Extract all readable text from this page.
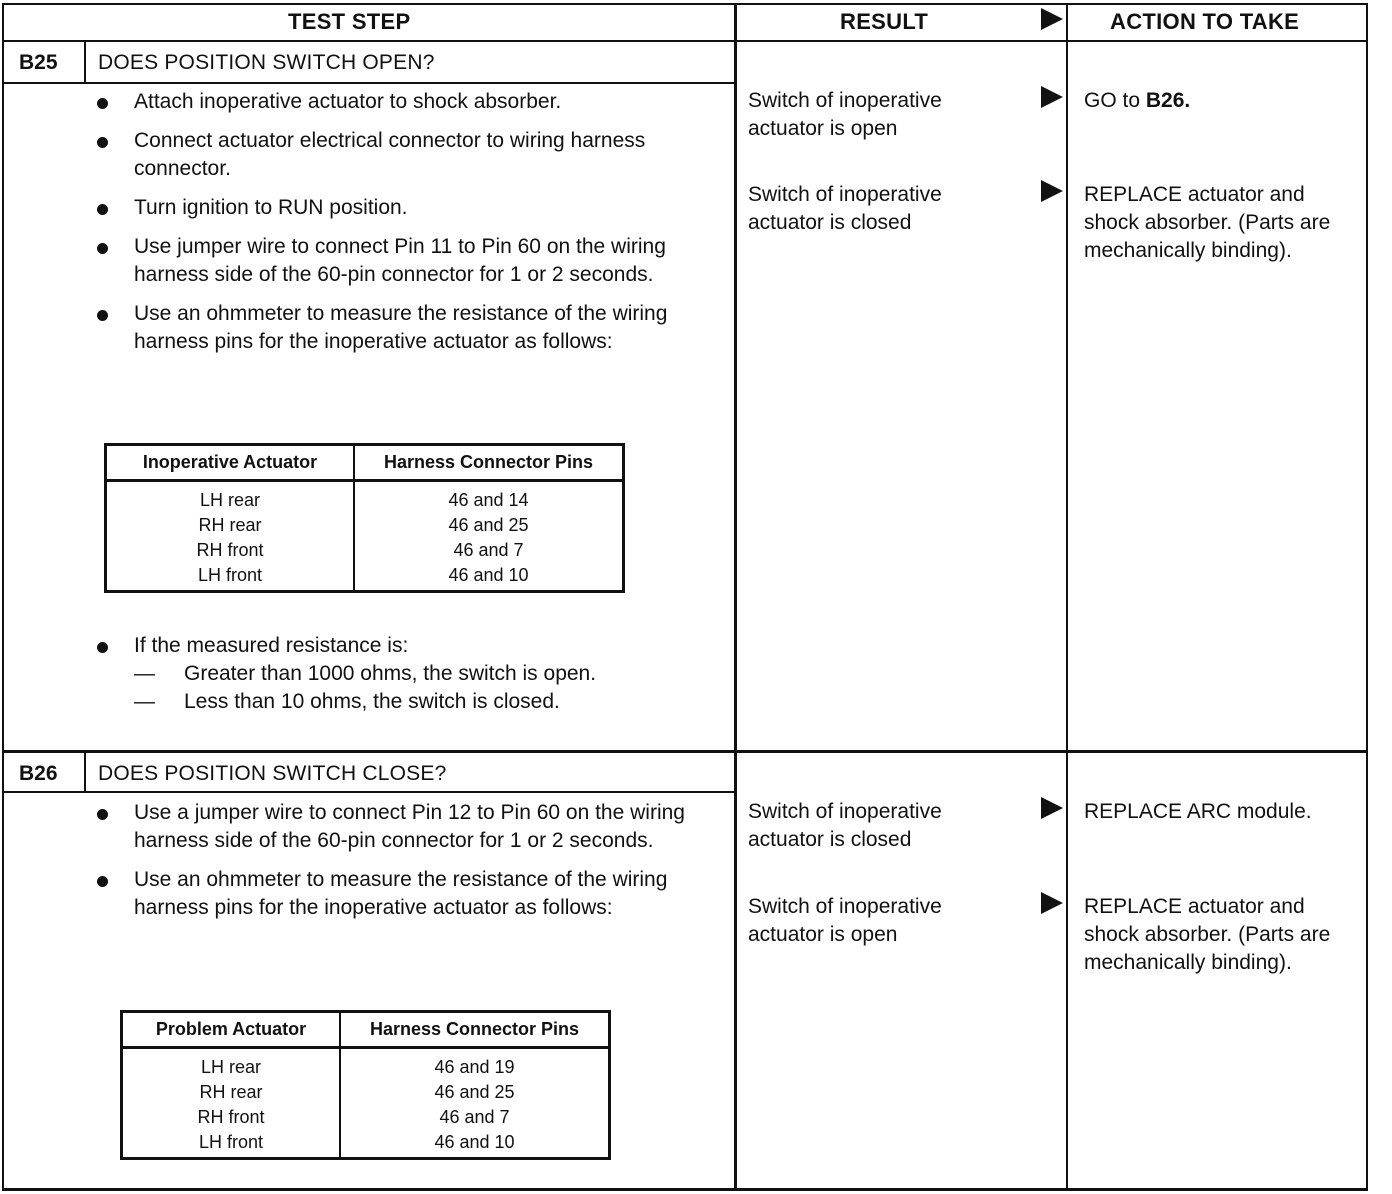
TEST STEP	RESULT	ACTION TO TAKE
B25 DOES POSITION SWITCH OPEN?
Attach inoperative actuator to shock absorber.
Connect actuator electrical connector to wiring harness connector.
Turn ignition to RUN position.
Use jumper wire to connect Pin 11 to Pin 60 on the wiring harness side of the 60-pin connector for 1 or 2 seconds.
Use an ohmmeter to measure the resistance of the wiring harness pins for the inoperative actuator as follows:
Inoperative Actuator	Harness Connector Pins
LH rear	46 and 14
RH rear	46 and 25
RH front	46 and 7
LH front	46 and 10
If the measured resistance is:
— Greater than 1000 ohms, the switch is open.
— Less than 10 ohms, the switch is closed.
Switch of inoperative actuator is open
GO to B26.
Switch of inoperative actuator is closed
REPLACE actuator and shock absorber. (Parts are mechanically binding).
B26 DOES POSITION SWITCH CLOSE?
Use a jumper wire to connect Pin 12 to Pin 60 on the wiring harness side of the 60-pin connector for 1 or 2 seconds.
Use an ohmmeter to measure the resistance of the wiring harness pins for the inoperative actuator as follows:
Problem Actuator	Harness Connector Pins
LH rear	46 and 19
RH rear	46 and 25
RH front	46 and 7
LH front	46 and 10
Switch of inoperative actuator is closed
REPLACE ARC module.
Switch of inoperative actuator is open
REPLACE actuator and shock absorber. (Parts are mechanically binding).
